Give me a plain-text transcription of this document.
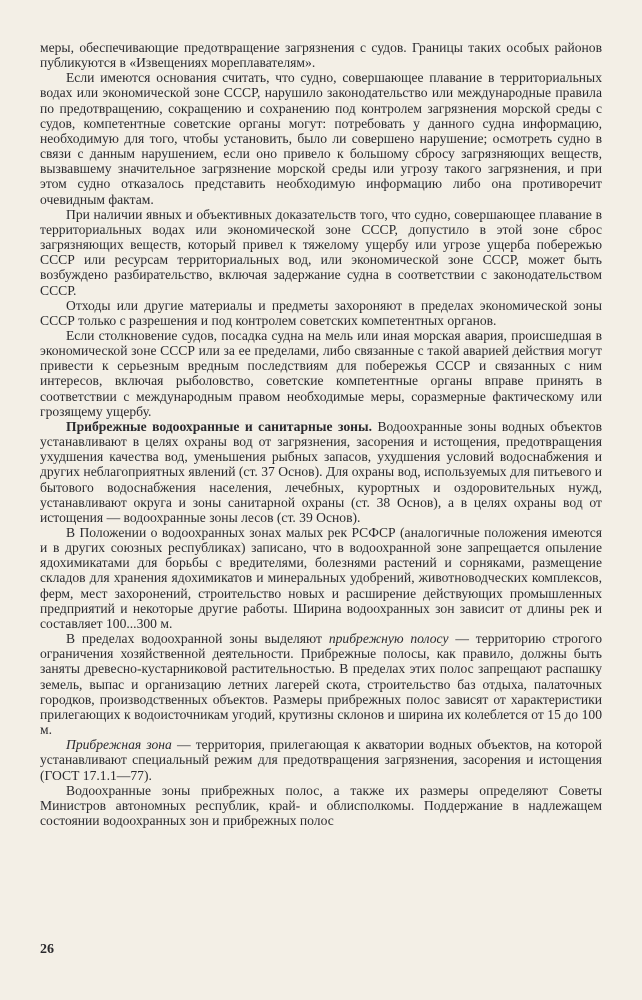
меры, обеспечивающие предотвращение загрязнения с судов. Границы таких особых районов публикуются в «Извещениях мореплавателям».

Если имеются основания считать, что судно, совершающее плавание в территориальных водах или экономической зоне СССР, нарушило законодательство или международные правила по предотвращению, сокращению и сохранению под контролем загрязнения морской среды с судов, компетентные советские органы могут: потребовать у данного судна информацию, необходимую для того, чтобы установить, было ли совершено нарушение; осмотреть судно в связи с данным нарушением, если оно привело к большому сбросу загрязняющих веществ, вызвавшему значительное загрязнение морской среды или угрозу такого загрязнения, и при этом судно отказалось представить необходимую информацию либо она противоречит очевидным фактам.

При наличии явных и объективных доказательств того, что судно, совершающее плавание в территориальных водах или экономической зоне СССР, допустило в этой зоне сброс загрязняющих веществ, который привел к тяжелому ущербу или угрозе ущерба побережью СССР или ресурсам территориальных вод, или экономической зоне СССР, может быть возбуждено разбирательство, включая задержание судна в соответствии с законодательством СССР.

Отходы или другие материалы и предметы захороняют в пределах экономической зоны СССР только с разрешения и под контролем советских компетентных органов.

Если столкновение судов, посадка судна на мель или иная морская авария, происшедшая в экономической зоне СССР или за ее пределами, либо связанные с такой аварией действия могут привести к серьезным вредным последствиям для побережья СССР и связанных с ним интересов, включая рыболовство, советские компетентные органы вправе принять в соответствии с международным правом необходимые меры, соразмерные фактическому или грозящему ущербу.

Прибрежные водоохранные и санитарные зоны. Водоохранные зоны водных объектов устанавливают в целях охраны вод от загрязнения, засорения и истощения, предотвращения ухудшения качества вод, уменьшения рыбных запасов, ухудшения условий водоснабжения и других неблагоприятных явлений (ст. 37 Основ). Для охраны вод, используемых для питьевого и бытового водоснабжения населения, лечебных, курортных и оздоровительных нужд, устанавливают округа и зоны санитарной охраны (ст. 38 Основ), а в целях охраны вод от истощения — водоохранные зоны лесов (ст. 39 Основ).

В Положении о водоохранных зонах малых рек РСФСР (аналогичные положения имеются и в других союзных республиках) записано, что в водоохранной зоне запрещается опыление ядохимикатами для борьбы с вредителями, болезнями растений и сорняками, размещение складов для хранения ядохимикатов и минеральных удобрений, животноводческих комплексов, ферм, мест захоронений, строительство новых и расширение действующих промышленных предприятий и некоторые другие работы. Ширина водоохранных зон зависит от длины рек и составляет 100...300 м.

В пределах водоохранной зоны выделяют прибрежную полосу — территорию строгого ограничения хозяйственной деятельности. Прибрежные полосы, как правило, должны быть заняты древесно-кустарниковой растительностью. В пределах этих полос запрещают распашку земель, выпас и организацию летних лагерей скота, строительство баз отдыха, палаточных городков, производственных объектов. Размеры прибрежных полос зависят от характеристики прилегающих к водоисточникам угодий, крутизны склонов и ширина их колеблется от 15 до 100 м.

Прибрежная зона — территория, прилегающая к акватории водных объектов, на которой устанавливают специальный режим для предотвращения загрязнения, засорения и истощения (ГОСТ 17.1.1—77).

Водоохранные зоны прибрежных полос, а также их размеры определяют Советы Министров автономных республик, край- и облисполкомы. Поддержание в надлежащем состоянии водоохранных зон и прибрежных полос

26
